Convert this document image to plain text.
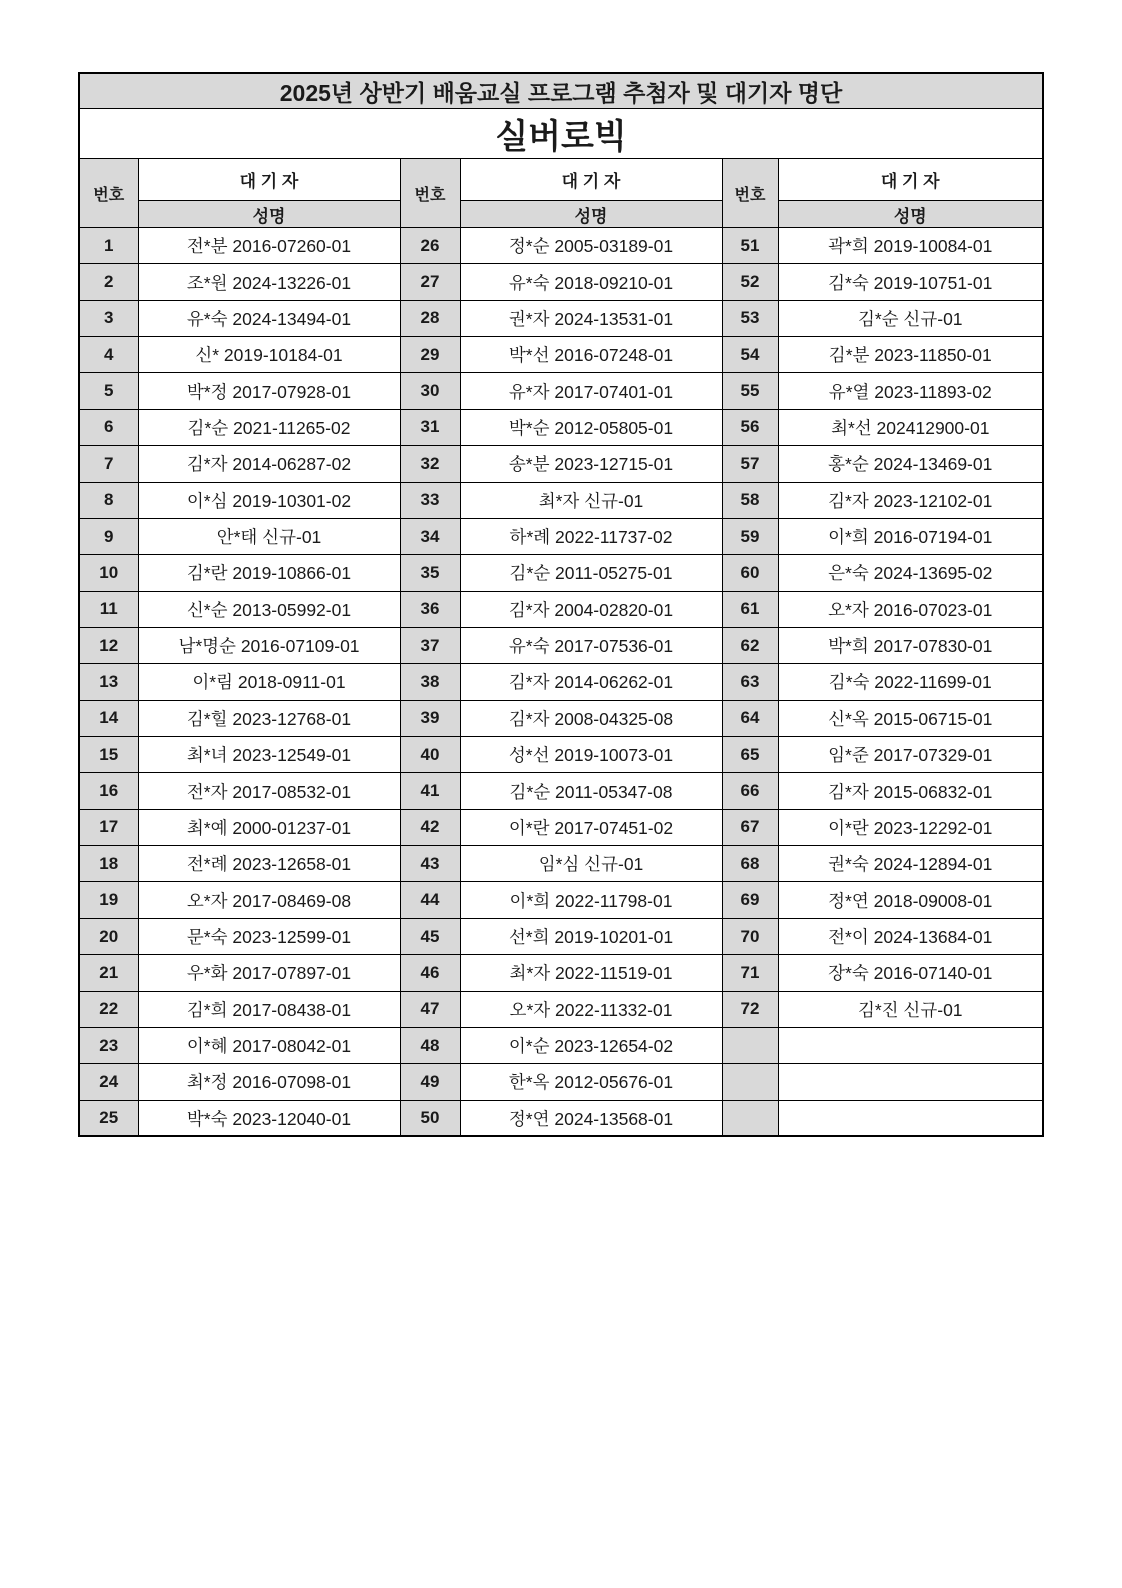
2025년 상반기 배움교실 프로그램 추첨자 및 대기자 명단					
실버로빅					
번호	대 기 자	번호	대 기 자	번호	대 기 자
	성명		성명		성명
1	전*분 2016-07260-01	26	정*순 2005-03189-01	51	곽*희 2019-10084-01
2	조*원 2024-13226-01	27	유*숙 2018-09210-01	52	김*숙 2019-10751-01
3	유*숙 2024-13494-01	28	권*자 2024-13531-01	53	김*순 신규-01
4	신* 2019-10184-01	29	박*선 2016-07248-01	54	김*분 2023-11850-01
5	박*정 2017-07928-01	30	유*자 2017-07401-01	55	유*열 2023-11893-02
6	김*순 2021-11265-02	31	박*순 2012-05805-01	56	최*선 202412900-01
7	김*자 2014-06287-02	32	송*분 2023-12715-01	57	홍*순 2024-13469-01
8	이*심 2019-10301-02	33	최*자 신규-01	58	김*자 2023-12102-01
9	안*태 신규-01	34	하*례 2022-11737-02	59	이*희 2016-07194-01
10	김*란 2019-10866-01	35	김*순 2011-05275-01	60	은*숙 2024-13695-02
11	신*순 2013-05992-01	36	김*자 2004-02820-01	61	오*자 2016-07023-01
12	남*명순 2016-07109-01	37	유*숙 2017-07536-01	62	박*희 2017-07830-01
13	이*림 2018-0911-01	38	김*자 2014-06262-01	63	김*숙 2022-11699-01
14	김*힐 2023-12768-01	39	김*자 2008-04325-08	64	신*옥 2015-06715-01
15	최*녀 2023-12549-01	40	성*선 2019-10073-01	65	임*준 2017-07329-01
16	전*자 2017-08532-01	41	김*순 2011-05347-08	66	김*자 2015-06832-01
17	최*예 2000-01237-01	42	이*란 2017-07451-02	67	이*란 2023-12292-01
18	전*례 2023-12658-01	43	임*심 신규-01	68	권*숙 2024-12894-01
19	오*자 2017-08469-08	44	이*희 2022-11798-01	69	정*연 2018-09008-01
20	문*숙 2023-12599-01	45	선*희 2019-10201-01	70	전*이 2024-13684-01
21	우*화 2017-07897-01	46	최*자 2022-11519-01	71	장*숙 2016-07140-01
22	김*희 2017-08438-01	47	오*자 2022-11332-01	72	김*진 신규-01
23	이*혜 2017-08042-01	48	이*순 2023-12654-02		
24	최*정 2016-07098-01	49	한*옥 2012-05676-01		
25	박*숙 2023-12040-01	50	정*연 2024-13568-01		
